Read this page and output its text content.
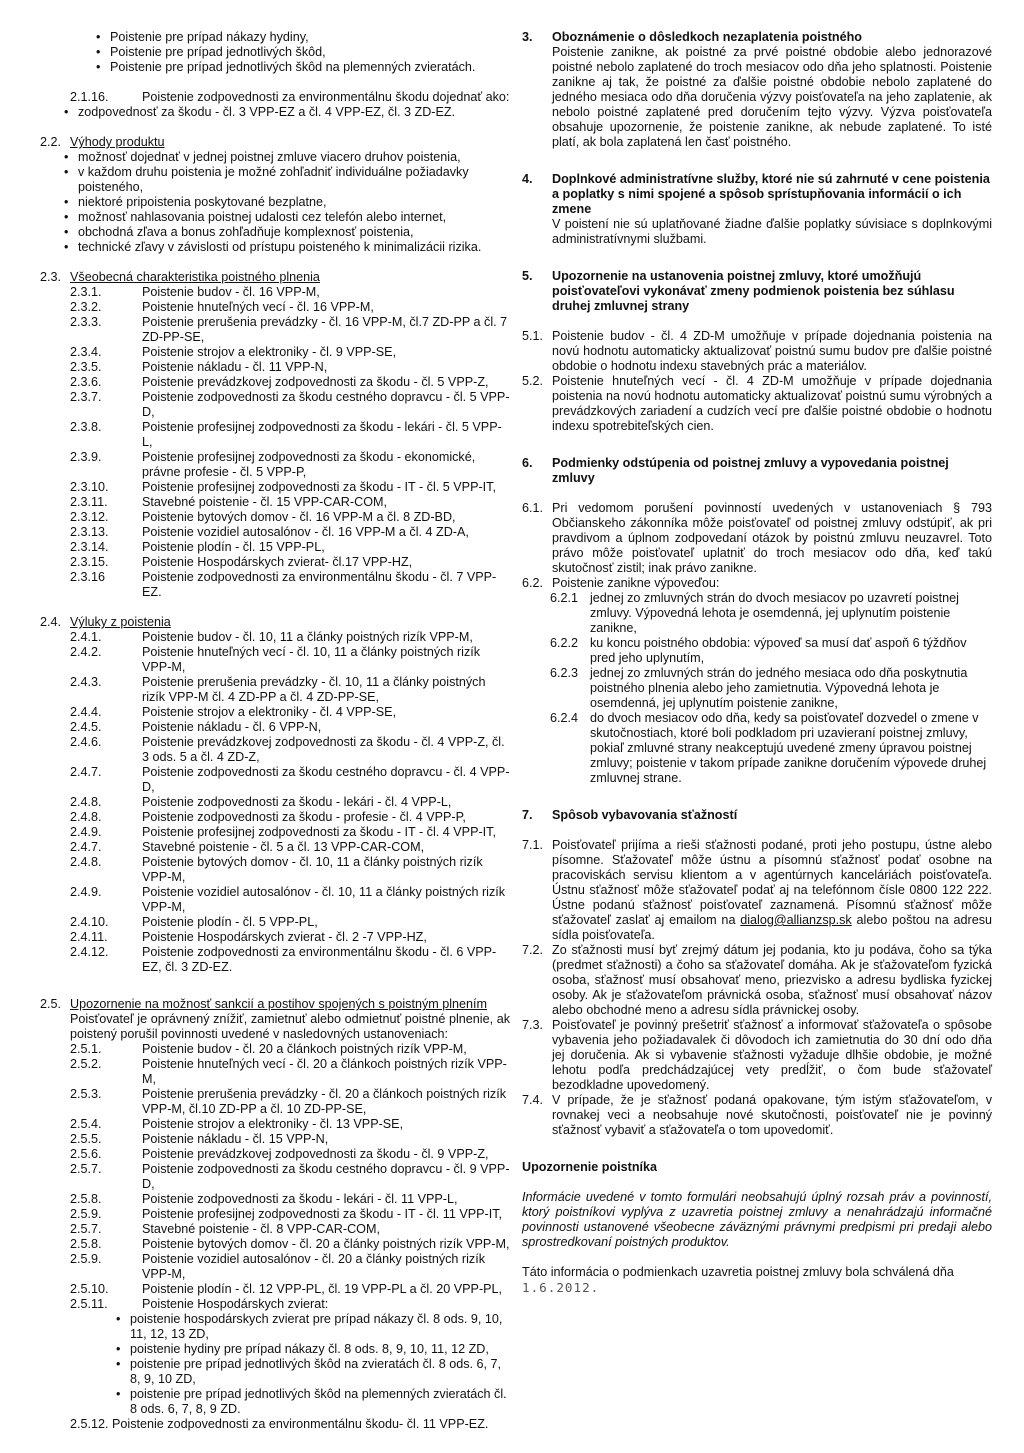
• Poistenie pre prípad nákazy hydiny,
• Poistenie pre prípad jednotlivých škôd,
• Poistenie pre prípad jednotlivých škôd na plemenných zvieratách.
2.1.16.	Poistenie zodpovednosti za environmentálnu škodu dojednať ako:
• zodpovednosť za škodu - čl. 3 VPP-EZ a čl. 4 VPP-EZ, čl. 3 ZD-EZ.
2.2. Výhody produktu
• možnosť dojednať v jednej poistnej zmluve viacero druhov poistenia,
• v každom druhu poistenia je možné zohľadniť individuálne požiadavky poisteného,
• niektoré pripoistenia poskytované bezplatne,
• možnosť nahlasovania poistnej udalosti cez telefón alebo internet,
• obchodná zľava a bonus zohľadňuje komplexnosť poistenia,
• technické zľavy v závislosti od prístupu poisteného k minimalizácii rizika.
2.3. Všeobecná charakteristika poistného plnenia
2.3.1.	Poistenie budov - čl. 16 VPP-M,
2.3.2.	Poistenie hnuteľných vecí - čl. 16 VPP-M,
2.3.3.	Poistenie prerušenia prevádzky - čl. 16 VPP-M, čl.7 ZD-PP a čl. 7 ZD-PP-SE,
2.3.4.	Poistenie strojov a elektroniky - čl. 9 VPP-SE,
2.3.5.	Poistenie nákladu - čl. 11 VPP-N,
2.3.6.	Poistenie prevádzkovej zodpovednosti za škodu - čl. 5 VPP-Z,
2.3.7.	Poistenie zodpovednosti za škodu cestného dopravcu - čl. 5 VPP-D,
2.3.8.	Poistenie profesijnej zodpovednosti za škodu - lekári - čl. 5 VPP-L,
2.3.9.	Poistenie profesijnej zodpovednosti za škodu - ekonomické, právne profesie - čl. 5 VPP-P,
2.3.10.	Poistenie profesijnej zodpovednosti za škodu - IT - čl. 5 VPP-IT,
2.3.11.	Stavebné poistenie - čl. 15 VPP-CAR-COM,
2.3.12.	Poistenie bytových domov - čl. 16 VPP-M a čl. 8 ZD-BD,
2.3.13.	Poistenie vozidiel autosalónov - čl. 16 VPP-M a čl. 4 ZD-A,
2.3.14.	Poistenie plodín - čl. 15 VPP-PL,
2.3.15.	Poistenie Hospodárskych zvierat- čl.17 VPP-HZ,
2.3.16	Poistenie zodpovednosti za environmentálnu škodu - čl. 7 VPP-EZ.
2.4. Výluky z poistenia
2.4.1.	Poistenie budov - čl. 10, 11 a články poistných rizík VPP-M,
2.4.2.	Poistenie hnuteľných vecí - čl. 10, 11 a články poistných rizík VPP-M,
2.4.3.	Poistenie prerušenia prevádzky - čl. 10, 11 a články poistných rizík VPP-M čl. 4 ZD-PP a čl. 4 ZD-PP-SE,
2.4.4.	Poistenie strojov a elektroniky - čl. 4 VPP-SE,
2.4.5.	Poistenie nákladu - čl. 6 VPP-N,
2.4.6.	Poistenie prevádzkovej zodpovednosti za škodu - čl. 4 VPP-Z, čl. 3 ods. 5 a čl. 4 ZD-Z,
2.4.7.	Poistenie zodpovednosti za škodu cestného dopravcu - čl. 4 VPP-D,
2.4.8.	Poistenie zodpovednosti za škodu - lekári - čl. 4 VPP-L,
2.4.8.	Poistenie zodpovednosti za škodu - profesie - čl. 4 VPP-P,
2.4.9.	Poistenie profesijnej zodpovednosti za škodu - IT - čl. 4 VPP-IT,
2.4.7.	Stavebné poistenie - čl. 5 a čl. 13 VPP-CAR-COM,
2.4.8.	Poistenie bytových domov - čl. 10, 11 a články poistných rizík VPP-M,
2.4.9.	Poistenie vozidiel autosalónov - čl. 10, 11 a články poistných rizík VPP-M,
2.4.10.	Poistenie plodín - čl. 5 VPP-PL,
2.4.11.	Poistenie Hospodárskych zvierat - čl. 2 -7 VPP-HZ,
2.4.12.	Poistenie zodpovednosti za environmentálnu škodu - čl. 6 VPP-EZ, čl. 3 ZD-EZ.
2.5. Upozornenie na možnosť sankcií a postihov spojených s poistným plnením
Poisťovateľ je oprávnený znížiť, zamietnuť alebo odmietnuť poistné plnenie, ak poistený porušil povinnosti uvedené v nasledovných ustanoveniach:
2.5.1.	Poistenie budov - čl. 20 a článkoch poistných rizík VPP-M,
2.5.2.	Poistenie hnuteľných vecí - čl. 20 a článkoch poistných rizík VPP-M,
2.5.3.	Poistenie prerušenia prevádzky - čl. 20 a článkoch poistných rizík VPP-M, čl.10 ZD-PP a čl. 10 ZD-PP-SE,
2.5.4.	Poistenie strojov a elektroniky - čl. 13 VPP-SE,
2.5.5.	Poistenie nákladu - čl. 15 VPP-N,
2.5.6.	Poistenie prevádzkovej zodpovednosti za škodu - čl. 9 VPP-Z,
2.5.7.	Poistenie zodpovednosti za škodu cestného dopravcu - čl. 9 VPP-D,
2.5.8.	Poistenie zodpovednosti za škodu - lekári - čl. 11 VPP-L,
2.5.9.	Poistenie profesijnej zodpovednosti za škodu - IT - čl. 11 VPP-IT,
2.5.7.	Stavebné poistenie - čl. 8 VPP-CAR-COM,
2.5.8.	Poistenie bytových domov - čl. 20 a články poistných rizík VPP-M,
2.5.9.	Poistenie vozidiel autosalónov - čl. 20 a články poistných rizík VPP-M,
2.5.10.	Poistenie plodín - čl. 12 VPP-PL, čl. 19 VPP-PL a čl. 20 VPP-PL,
2.5.11.	Poistenie Hospodárskych zvierat:
• poistenie hospodárskych zvierat pre prípad nákazy čl. 8 ods. 9, 10, 11, 12, 13 ZD,
• poistenie hydiny pre prípad nákazy čl. 8 ods. 8, 9, 10, 11, 12 ZD,
• poistenie pre prípad jednotlivých škôd na zvieratách čl. 8 ods. 6, 7, 8, 9, 10 ZD,
• poistenie pre prípad jednotlivých škôd na plemenných zvieratách čl. 8 ods. 6, 7, 8, 9 ZD.
2.5.12. Poistenie zodpovednosti za environmentálnu škodu- čl. 11 VPP-EZ.
3.	Oboznámenie o dôsledkoch nezaplatenia poistného
Poistenie zanikne, ak poistné za prvé poistné obdobie alebo jednorazové poistné nebolo zaplatené do troch mesiacov odo dňa jeho splatnosti. Poistenie zanikne aj tak, že poistné za ďalšie poistné obdobie nebolo zaplatené do jedného mesiaca odo dňa doručenia výzvy poisťovateľa na jeho zaplatenie, ak nebolo poistné zaplatené pred doručením tejto výzvy. Výzva poisťovateľa obsahuje upozornenie, že poistenie zanikne, ak nebude zaplatené. To isté platí, ak bola zaplatená len časť poistného.
4.	Doplnkové administratívne služby, ktoré nie sú zahrnuté v cene poistenia a poplatky s nimi spojené a spôsob sprístupňovania informácií o ich zmene
V poistení nie sú uplatňované žiadne ďalšie poplatky súvisiace s doplnkovými administratívnymi službami.
5.	Upozornenie na ustanovenia poistnej zmluvy, ktoré umožňujú poisťovateľovi vykonávať zmeny podmienok poistenia bez súhlasu druhej zmluvnej strany
5.1. Poistenie budov - čl. 4 ZD-M umožňuje v prípade dojednania poistenia na novú hodnotu automaticky aktualizovať poistnú sumu budov pre ďalšie poistné obdobie o hodnotu indexu stavebných prác a materiálov.
5.2. Poistenie hnuteľných vecí - čl. 4 ZD-M umožňuje v prípade dojednania poistenia na novú hodnotu automaticky aktualizovať poistnú sumu výrobných a prevádzkových zariadení a cudzích vecí pre ďalšie poistné obdobie o hodnotu indexu spotrebiteľských cien.
6.	Podmienky odstúpenia od poistnej zmluvy a vypovedania poistnej zmluvy
6.1. Pri vedomom porušení povinností uvedených v ustanoveniach § 793 Občianskeho zákonníka môže poisťovateľ od poistnej zmluvy odstúpiť, ak pri pravdivom a úplnom zodpovedaní otázok by poistnú zmluvu neuzavrel. Toto právo môže poisťovateľ uplatniť do troch mesiacov odo dňa, keď takú skutočnosť zistil; inak právo zanikne.
6.2. Poistenie zanikne výpoveďou:
6.2.1 jednej zo zmluvných strán do dvoch mesiacov po uzavretí poistnej zmluvy. Výpovedná lehota je osemdenná, jej uplynutím poistenie zanikne,
6.2.2 ku koncu poistného obdobia: výpoveď sa musí dať aspoň 6 týždňov pred jeho uplynutím,
6.2.3 jednej zo zmluvných strán do jedného mesiaca odo dňa poskytnutia poistného plnenia alebo jeho zamietnutia. Výpovedná lehota je osemdenná, jej uplynutím poistenie zanikne,
6.2.4 do dvoch mesiacov odo dňa, kedy sa poisťovateľ dozvedel o zmene v skutočnostiach, ktoré boli podkladom pri uzavieraní poistnej zmluvy, pokiaľ zmluvné strany neakceptujú uvedené zmeny úpravou poistnej zmluvy; poistenie v takom prípade zanikne doručením výpovede druhej zmluvnej strane.
7.	Spôsob vybavovania sťažností
7.1. Poisťovateľ prijíma a rieši sťažnosti podané, proti jeho postupu, ústne alebo písomne. Sťažovateľ môže ústnu a písomnú sťažnosť podať osobne na pracoviskách servisu klientom a v agentúrnych kanceláriách poisťovateľa. Ústnu sťažnosť môže sťažovateľ podať aj na telefónnom čísle 0800 122 222. Ústne podanú sťažnosť poisťovateľ zaznamená. Písomnú sťažnosť môže sťažovateľ zaslať aj emailom na dialog@allianzsp.sk alebo poštou na adresu sídla poisťovateľa.
7.2. Zo sťažnosti musí byť zrejmý dátum jej podania, kto ju podáva, čoho sa týka (predmet sťažnosti) a čoho sa sťažovateľ domáha. Ak je sťažovateľom fyzická osoba, sťažnosť musí obsahovať meno, priezvisko a adresu bydliska fyzickej osoby. Ak je sťažovateľom právnická osoba, sťažnosť musí obsahovať názov alebo obchodné meno a adresu sídla právnickej osoby.
7.3. Poisťovateľ je povinný prešetriť sťažnosť a informovať sťažovateľa o spôsobe vybavenia jeho požiadavalek či dôvodoch ich zamietnutia do 30 dní odo dňa jej doručenia. Ak si vybavenie sťažnosti vyžaduje dlhšie obdobie, je možné lehotu podľa predchádzajúcej vety predĺžiť, o čom bude sťažovateľ bezodkladne upovedomený.
7.4. V prípade, že je sťažnosť podaná opakovane, tým istým sťažovateľom, v rovnakej veci a neobsahuje nové skutočnosti, poisťovateľ nie je povinný sťažnosť vybaviť a sťažovateľa o tom upovedomiť.
Upozornenie poistníka
Informácie uvedené v tomto formulári neobsahujú úplný rozsah práv a povinností, ktorý poistníkovi vyplýva z uzavretia poistnej zmluvy a nenahrádzajú informačné povinnosti ustanovené všeobecne záväznými právnymi predpismi pri predaji alebo sprostredkovaní poistných produktov.
Táto informácia o podmienkach uzavretia poistnej zmluvy bola schválená dňa
1.6.2012.
